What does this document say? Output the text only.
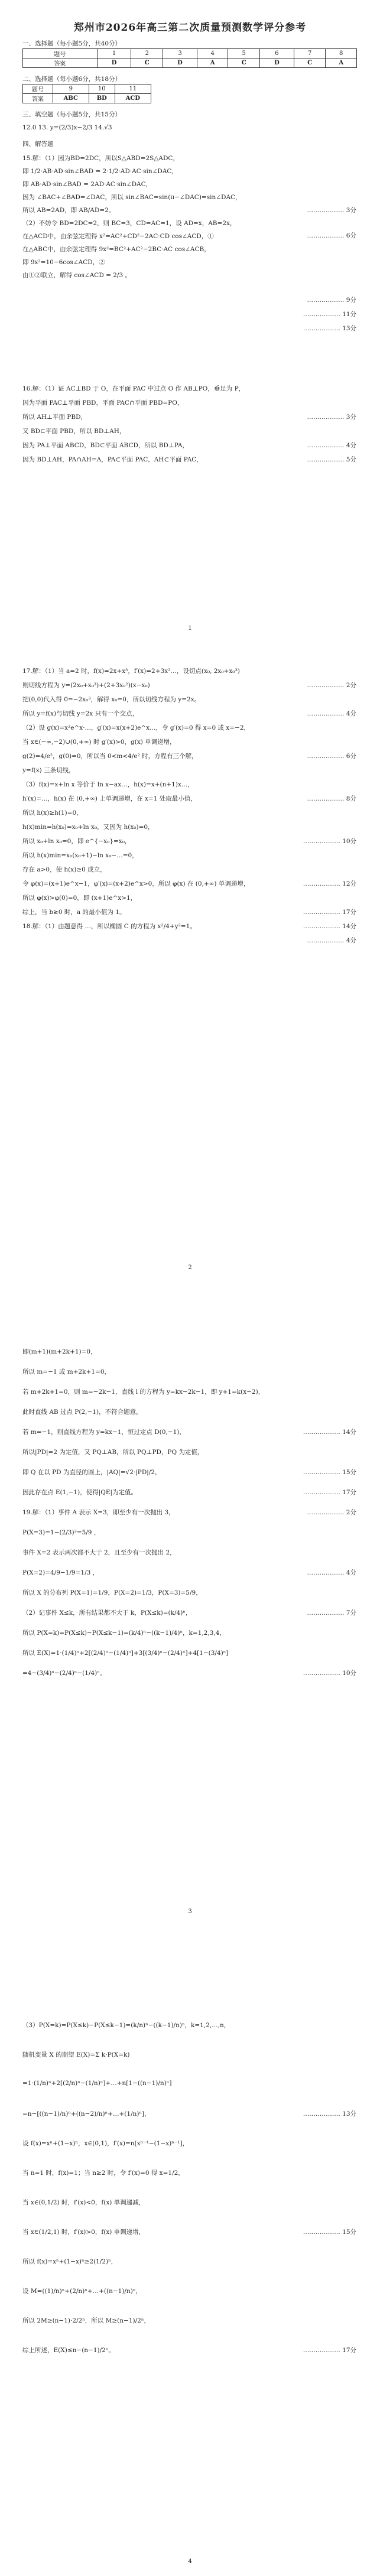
郑州市2026年高三第二次质量预测数学评分参考
一、选择题（每小题5分，共40分）
题号	1	2	3	4	5	6	7	8
答案	D	C	D	A	C	D	C	A
二、选择题（每小题6分，共18分）
题号	9	10	11
答案	ABC	BD	ACD
三、填空题（每小题5分，共15分）
12.0 13. y=(2/3)x−2/3 14.√3
四、解答题
15.解：（1）因为BD=2DC，所以S△ABD=2S△ADC，
即 1/2·AB·AD·sin∠BAD = 2·1/2·AD·AC·sin∠DAC，
即 AB·AD·sin∠BAD = 2AD·AC·sin∠DAC，
因为 ∠BAC+∠BAD=∠DAC，所以 sin∠BAC=sin(π−∠DAC)=sin∠DAC，
所以 AB=2AD，即 AB/AD=2。
（2）不妨令 BD=2DC=2，则 BC=3，CD=AC=1，设 AD=x，AB=2x，
在△ACD中，由余弦定理得 x²=AC²+CD²−2AC·CD cos∠ACD，①
在△ABC中，由余弦定理得 9x²=BC²+AC²−2BC·AC cos∠ACB，
即 9x²=10−6cos∠ACD，②
由①②联立，解得 cos∠ACD = 2/3 。
……………… 3分
……………… 6分
……………… 9分
……………… 11分
……………… 13分
16.解：（1）证 AC⊥BD 于 O，在平面 PAC 中过点 O 作 AB⊥PO，垂足为 P，
因为平面 PAC⊥平面 PBD，平面 PAC∩平面 PBD=PO，
所以 AH⊥平面 PBD，
又 BD⊂平面 PBD，所以 BD⊥AH，
因为 PA⊥平面 ABCD，BD⊂平面 ABCD，所以 BD⊥PA，
因为 BD⊥AH，PA∩AH=A，PA⊂平面 PAC，AH⊂平面 PAC，
……………… 3分
……………… 4分
……………… 5分
1
17.解：（1）当 a=2 时，f(x)=2x+x³，f′(x)=2+3x²…，设切点(x₀, 2x₀+x₀³)
则切线方程为 y=(2x₀+x₀³)+(2+3x₀²)(x−x₀)
把(0,0)代入得 0=−2x₀³，解得 x₀=0，所以切线方程为 y=2x。
所以 y=f(x)与切线 y=2x 只有一个交点，
（2）设 g(x)=x²e^x·…，g′(x)=x(x+2)e^x…，令 g′(x)=0 得 x=0 或 x=−2，
当 x∈(−∞,−2)∪(0,+∞) 时 g′(x)>0，g(x) 单调递增，
g(2)=4/e²，g(0)=0，所以当 0<m<4/e² 时，方程有三个解，
y=f(x) 三条切线，
（3）f(x)=x+ln x 等价于 ln x−ax…，h(x)=x+(n+1)x…，
h′(x)=…，h(x) 在 (0,+∞) 上单调递增，在 x=1 处取最小值，
所以 h(x)≥h(1)=0，
h(x)min=h(x₀)=x₀+ln x₀，又因为 h(x₀)=0，
所以 x₀+ln x₀=0，即 e^{−x₀}=x₀，
所以 h(x)min=x₀(x₀+1)−ln x₀−…=0，
存在 a>0，使 h(x)≥0 成立，
令 φ(x)=(x+1)e^x−1，φ′(x)=(x+2)e^x>0，所以 φ(x) 在 (0,+∞) 单调递增，
所以 φ(x)>φ(0)=0，即 (x+1)e^x>1，
综上，当 b≥0 时，a 的最小值为 1。
18.解：（1）由题意得 …，所以椭圆 C 的方程为 x²/4+y²=1。
……………… 2分
……………… 4分
……………… 6分
……………… 8分
……………… 10分
……………… 12分
……………… 14分
……………… 17分
……………… 4分
2
即(m+1)(m+2k+1)=0，
所以 m=−1 或 m+2k+1=0，
若 m+2k+1=0，则 m=−2k−1，直线 l 的方程为 y=kx−2k−1，即 y+1=k(x−2)，
此时直线 AB 过点 P(2,−1)，不符合题意，
若 m=−1，则直线方程为 y=kx−1，恒过定点 D(0,−1)，
所以|PD|=2 为定值，又 PQ⊥AB，所以 PQ⊥PD，PQ 为定值，
即 Q 在以 PD 为直径的圆上，|AQ|=√2·|PD|/2，
因此存在点 E(1,−1)，使得|QE|为定值。
19.解：（1）事件 A 表示 X=3，即至少有一次抛出 3，
P(X=3)=1−(2/3)³=5/9 ，
事件 X=2 表示两次都不大于 2，且至少有一次抛出 2，
P(X=2)=4/9−1/9=1/3 ，
所以 X 的分布列 P(X=1)=1/9，P(X=2)=1/3，P(X=3)=5/9，
（2）记事件 X≤k，所有结果都不大于 k，P(X≤k)=(k/4)ⁿ，
所以 P(X=k)=P(X≤k)−P(X≤k−1)=(k/4)ⁿ−((k−1)/4)ⁿ，k=1,2,3,4，
所以 E(X)=1·(1/4)ⁿ+2[(2/4)ⁿ−(1/4)ⁿ]+3[(3/4)ⁿ−(2/4)ⁿ]+4[1−(3/4)ⁿ]
=4−(3/4)ⁿ−(2/4)ⁿ−(1/4)ⁿ。
……………… 14分
……………… 15分
……………… 17分
……………… 2分
……………… 4分
……………… 7分
……………… 10分
3
（3）P(X=k)=P(X≤k)−P(X≤k−1)=(k/n)ⁿ−((k−1)/n)ⁿ，k=1,2,…,n，
随机变量 X 的期望 E(X)=Σ k·P(X=k)
=1·(1/n)ⁿ+2[(2/n)ⁿ−(1/n)ⁿ]+…+n[1−((n−1)/n)ⁿ]
=n−[((n−1)/n)ⁿ+((n−2)/n)ⁿ+…+(1/n)ⁿ]，
设 f(x)=xⁿ+(1−x)ⁿ，x∈(0,1)，f′(x)=n[xⁿ⁻¹−(1−x)ⁿ⁻¹]，
当 n=1 时，f(x)=1；当 n≥2 时，令 f′(x)=0 得 x=1/2，
当 x∈(0,1/2) 时，f′(x)<0，f(x) 单调递减，
当 x∈(1/2,1) 时，f′(x)>0，f(x) 单调递增，
所以 f(x)=xⁿ+(1−x)ⁿ≥2(1/2)ⁿ，
设 M=((1)/n)ⁿ+(2/n)ⁿ+…+((n−1)/n)ⁿ，
所以 2M≥(n−1)·2/2ⁿ，所以 M≥(n−1)/2ⁿ，
综上所述，E(X)≤n−(n−1)/2ⁿ。
……………… 13分
……………… 15分
……………… 17分
4
